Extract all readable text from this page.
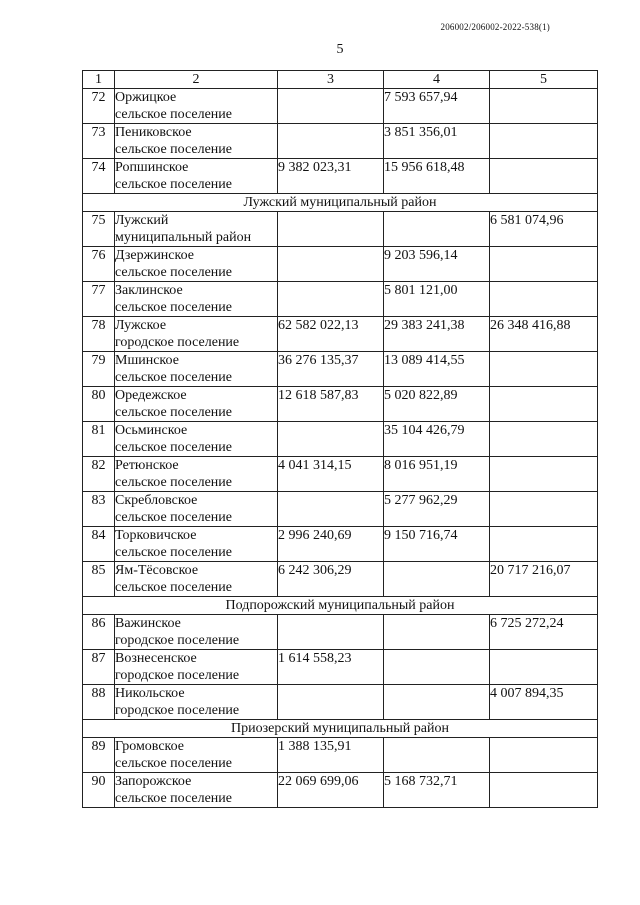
206002/206002-2022-538(1)
5
1	2	3	4	5
72	Оржицкое
сельское поселение		7 593 657,94	
73	Пениковское
сельское поселение		3 851 356,01	
74	Ропшинское
сельское поселение	9 382 023,31	15 956 618,48	
Лужский муниципальный район				
75	Лужский
муниципальный район			6 581 074,96
76	Дзержинское
сельское поселение		9 203 596,14	
77	Заклинское
сельское поселение		5 801 121,00	
78	Лужское
городское поселение	62 582 022,13	29 383 241,38	26 348 416,88
79	Мшинское
сельское поселение	36 276 135,37	13 089 414,55	
80	Оредежское
сельское поселение	12 618 587,83	5 020 822,89	
81	Осьминское
сельское поселение		35 104 426,79	
82	Ретюнское
сельское поселение	4 041 314,15	8 016 951,19	
83	Скребловское
сельское поселение		5 277 962,29	
84	Торковичское
сельское поселение	2 996 240,69	9 150 716,74	
85	Ям-Тёсовское
сельское поселение	6 242 306,29		20 717 216,07
Подпорожский муниципальный район				
86	Важинское
городское поселение			6 725 272,24
87	Вознесенское
городское поселение	1 614 558,23		
88	Никольское
городское поселение			4 007 894,35
Приозерский муниципальный район				
89	Громовское
сельское поселение	1 388 135,91		
90	Запорожское
сельское поселение	22 069 699,06	5 168 732,71	
